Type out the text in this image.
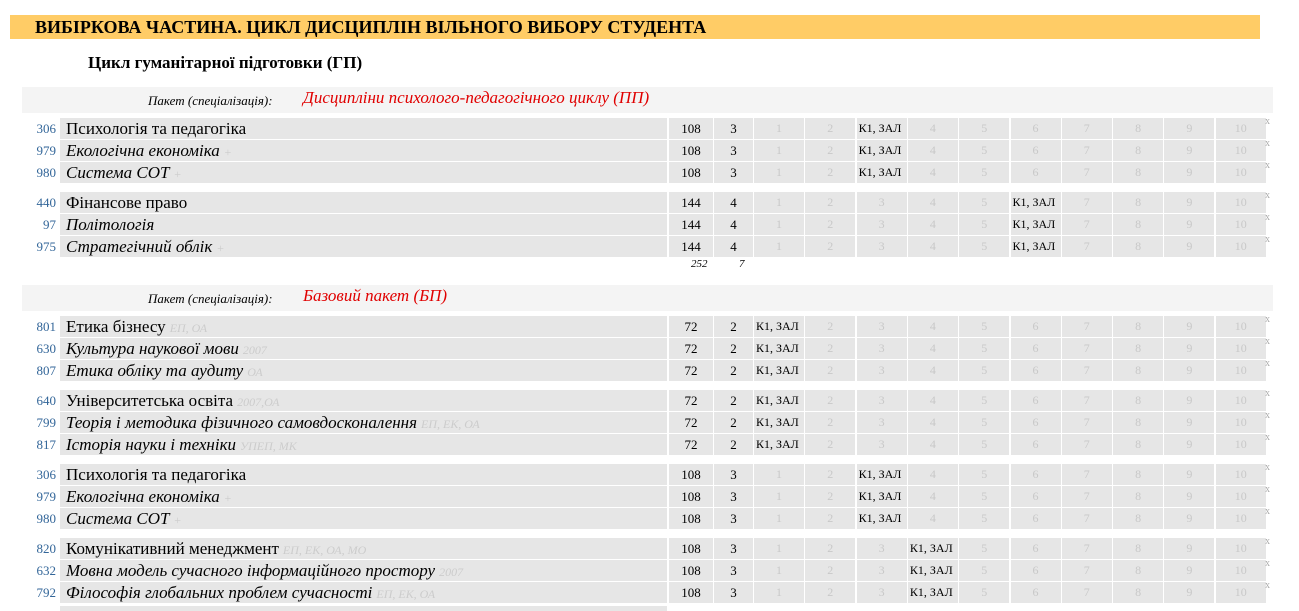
ВИБІРКОВА ЧАСТИНА. ЦИКЛ ДИСЦИПЛІН ВІЛЬНОГО ВИБОРУ СТУДЕНТА
Цикл гуманітарної підготовки (ГП)
Пакет (спеціалізація): Дисципліни психолого-педагогічного циклу (ПП)
306 Психологія та педагогіка	108	3	1	2	К1, ЗАЛ	4	5	6	7	8	9	10	x
979 Екологічна економіка +	108	3	1	2	К1, ЗАЛ	4	5	6	7	8	9	10	x
980 Система СОТ +	108	3	1	2	К1, ЗАЛ	4	5	6	7	8	9	10	x
440 Фінансове право	144	4	1	2	3	4	5	К1, ЗАЛ	7	8	9	10	x
97 Політологія	144	4	1	2	3	4	5	К1, ЗАЛ	7	8	9	10	x
975 Стратегічний облік +	144	4	1	2	3	4	5	К1, ЗАЛ	7	8	9	10	x
252	7
Пакет (спеціалізація): Базовий пакет (БП)
801 Етика бізнесу ЕП, ОА	72	2	К1, ЗАЛ	2	3	4	5	6	7	8	9	10	x
630 Культура наукової мови 2007	72	2	К1, ЗАЛ	2	3	4	5	6	7	8	9	10	x
807 Етика обліку та аудиту ОА	72	2	К1, ЗАЛ	2	3	4	5	6	7	8	9	10	x
640 Університетська освіта 2007,ОА	72	2	К1, ЗАЛ	2	3	4	5	6	7	8	9	10	x
799 Теорія і методика фізичного самовдосконалення ЕП, ЕК, ОА	72	2	К1, ЗАЛ	2	3	4	5	6	7	8	9	10	x
817 Історія науки і техніки УПЕП, МК	72	2	К1, ЗАЛ	2	3	4	5	6	7	8	9	10	x
306 Психологія та педагогіка	108	3	1	2	К1, ЗАЛ	4	5	6	7	8	9	10	x
979 Екологічна економіка +	108	3	1	2	К1, ЗАЛ	4	5	6	7	8	9	10	x
980 Система СОТ +	108	3	1	2	К1, ЗАЛ	4	5	6	7	8	9	10	x
820 Комунікативний менеджмент ЕП, ЕК, ОА, МО	108	3	1	2	3	К1, ЗАЛ	5	6	7	8	9	10	x
632 Мовна модель сучасного інформаційного простору 2007	108	3	1	2	3	К1, ЗАЛ	5	6	7	8	9	10	x
792 Філософія глобальних проблем сучасності ЕП, ЕК, ОА	108	3	1	2	3	К1, ЗАЛ	5	6	7	8	9	10	x
